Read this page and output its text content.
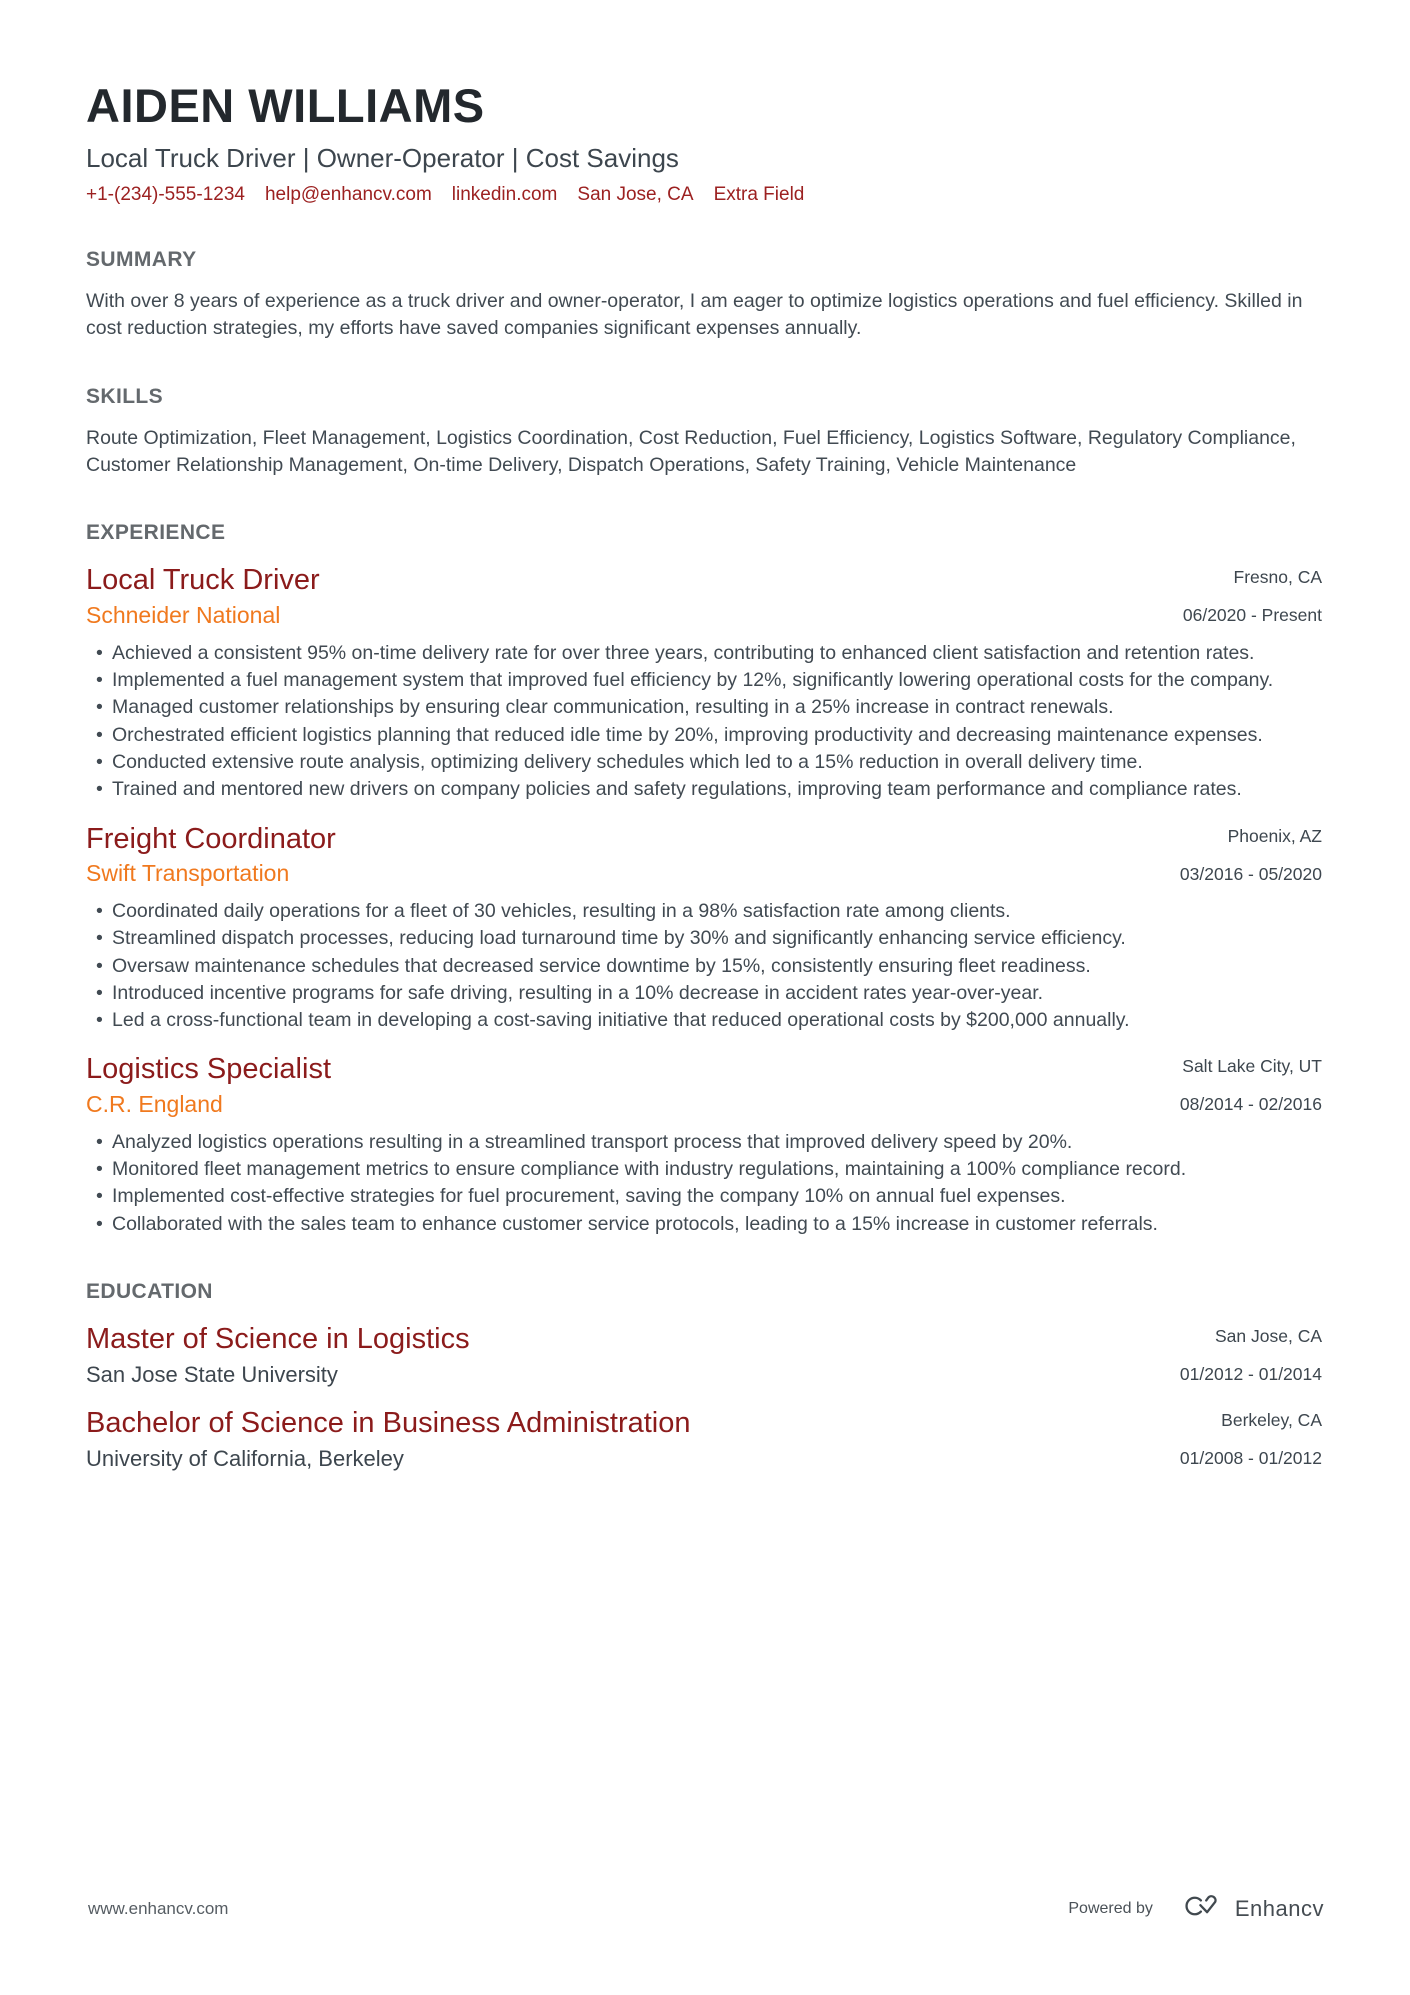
AIDEN WILLIAMS
Local Truck Driver | Owner-Operator | Cost Savings
+1-(234)-555-1234 help@enhancv.com linkedin.com San Jose, CA Extra Field
SUMMARY

With over 8 years of experience as a truck driver and owner-operator, I am eager to optimize logistics operations and fuel efficiency. Skilled in cost reduction strategies, my efforts have saved companies significant expenses annually.

SKILLS

Route Optimization, Fleet Management, Logistics Coordination, Cost Reduction, Fuel Efficiency, Logistics Software, Regulatory Compliance, Customer Relationship Management, On-time Delivery, Dispatch Operations, Safety Training, Vehicle Maintenance

EXPERIENCE
Local Truck Driver
Schneider National
Fresno, CA
06/2020 - Present
• Achieved a consistent 95% on-time delivery rate for over three years, contributing to enhanced client satisfaction and retention rates.
• Implemented a fuel management system that improved fuel efficiency by 12%, significantly lowering operational costs for the company.
• Managed customer relationships by ensuring clear communication, resulting in a 25% increase in contract renewals.
• Orchestrated efficient logistics planning that reduced idle time by 20%, improving productivity and decreasing maintenance expenses.
• Conducted extensive route analysis, optimizing delivery schedules which led to a 15% reduction in overall delivery time.
• Trained and mentored new drivers on company policies and safety regulations, improving team performance and compliance rates.
Freight Coordinator
Swift Transportation
Phoenix, AZ
03/2016 - 05/2020
• Coordinated daily operations for a fleet of 30 vehicles, resulting in a 98% satisfaction rate among clients.
• Streamlined dispatch processes, reducing load turnaround time by 30% and significantly enhancing service efficiency.
• Oversaw maintenance schedules that decreased service downtime by 15%, consistently ensuring fleet readiness.
• Introduced incentive programs for safe driving, resulting in a 10% decrease in accident rates year-over-year.
• Led a cross-functional team in developing a cost-saving initiative that reduced operational costs by $200,000 annually.
Logistics Specialist
C.R. England
Salt Lake City, UT
08/2014 - 02/2016
• Analyzed logistics operations resulting in a streamlined transport process that improved delivery speed by 20%.
• Monitored fleet management metrics to ensure compliance with industry regulations, maintaining a 100% compliance record.
• Implemented cost-effective strategies for fuel procurement, saving the company 10% on annual fuel expenses.
• Collaborated with the sales team to enhance customer service protocols, leading to a 15% increase in customer referrals.
EDUCATION
Master of Science in Logistics
San Jose State University
San Jose, CA
01/2012 - 01/2014
Bachelor of Science in Business Administration
University of California, Berkeley
Berkeley, CA
01/2008 - 01/2012
www.enhancv.com	Powered by	Enhancv
